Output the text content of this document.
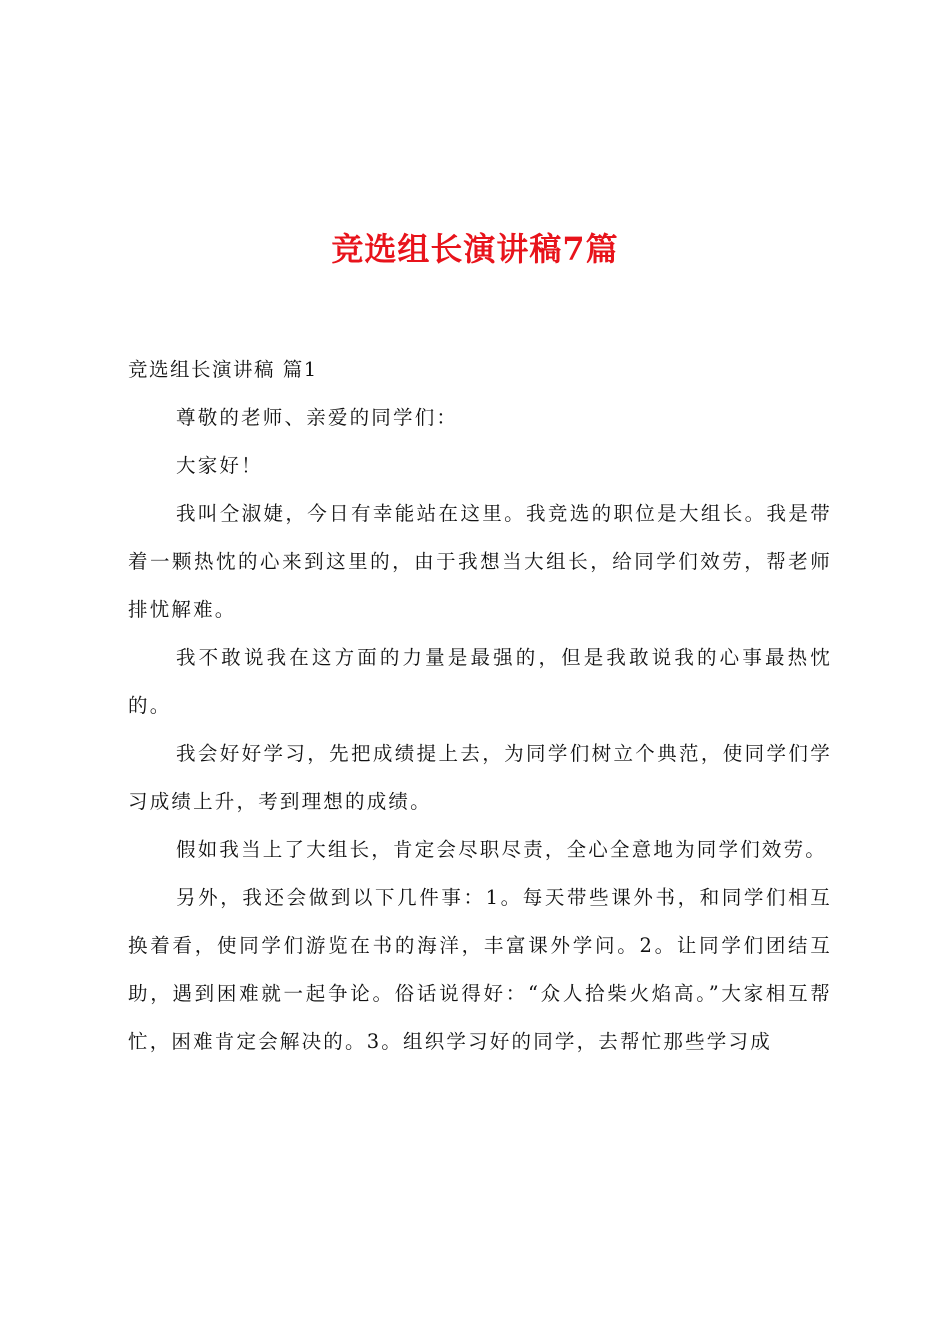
竞选组长演讲稿7篇

竞选组长演讲稿 篇1

尊敬的老师、亲爱的同学们：

大家好！

我叫仝淑婕，今日有幸能站在这里。我竞选的职位是大组长。我是带着一颗热忱的心来到这里的，由于我想当大组长，给同学们效劳，帮老师排忧解难。

我不敢说我在这方面的力量是最强的，但是我敢说我的心事最热忱的。

我会好好学习，先把成绩提上去，为同学们树立个典范，使同学们学习成绩上升，考到理想的成绩。

假如我当上了大组长，肯定会尽职尽责，全心全意地为同学们效劳。

另外，我还会做到以下几件事：1。每天带些课外书，和同学们相互换着看，使同学们游览在书的海洋，丰富课外学问。2。让同学们团结互助，遇到困难就一起争论。俗话说得好：“众人拾柴火焰高。”大家相互帮忙，困难肯定会解决的。3。组织学习好的同学，去帮忙那些学习成
